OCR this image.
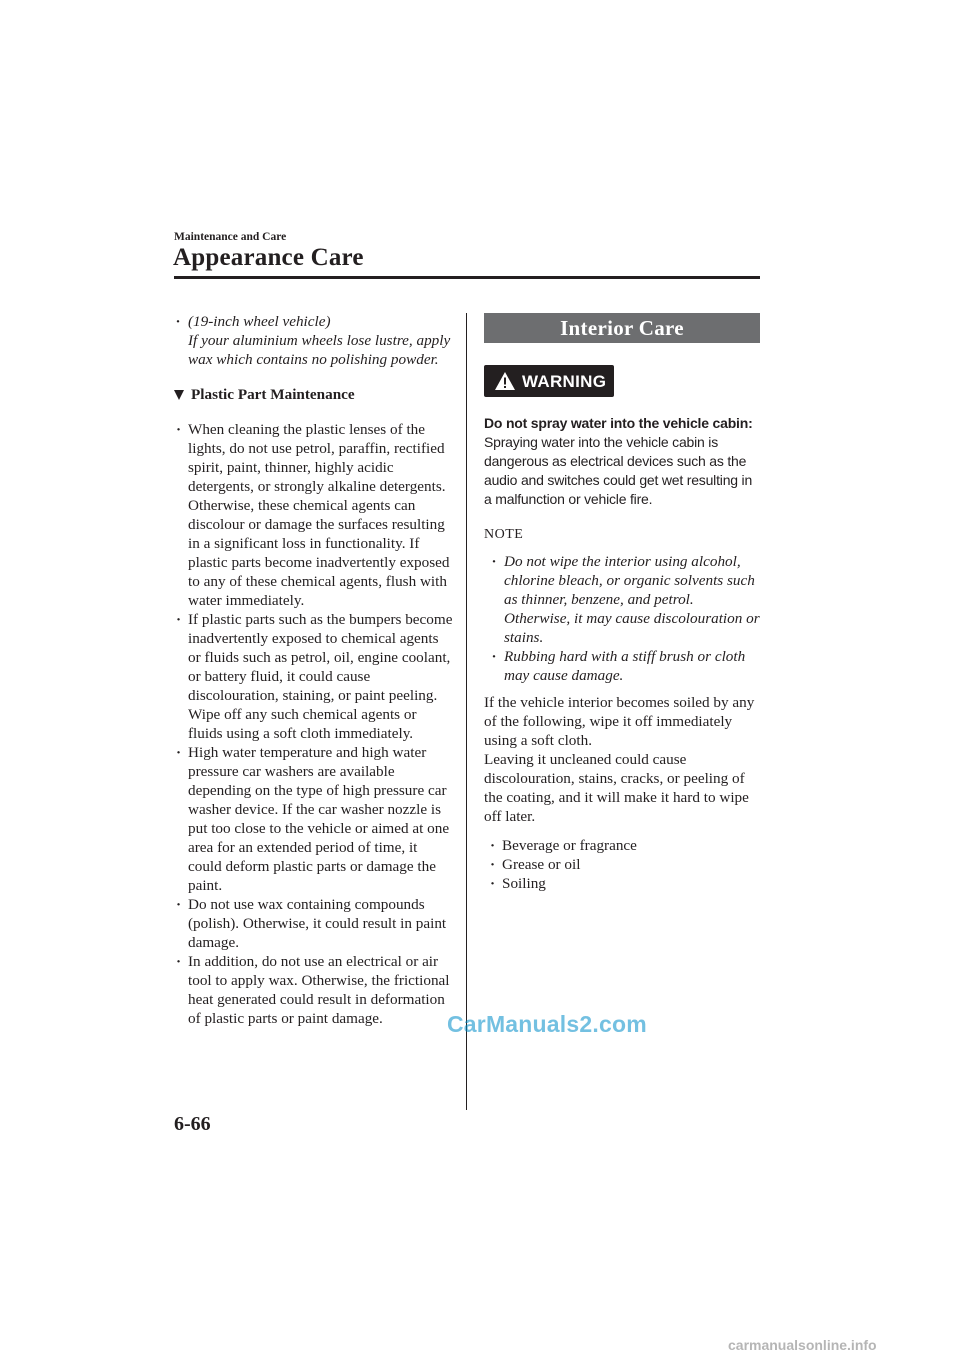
Maintenance and Care
Appearance Care
· (19-inch wheel vehicle)
If your aluminium wheels lose lustre, apply wax which contains no polishing powder.
Plastic Part Maintenance
· When cleaning the plastic lenses of the lights, do not use petrol, paraffin, rectified spirit, paint, thinner, highly acidic detergents, or strongly alkaline detergents. Otherwise, these chemical agents can discolour or damage the surfaces resulting in a significant loss in functionality. If plastic parts become inadvertently exposed to any of these chemical agents, flush with water immediately.
· If plastic parts such as the bumpers become inadvertently exposed to chemical agents or fluids such as petrol, oil, engine coolant, or battery fluid, it could cause discolouration, staining, or paint peeling. Wipe off any such chemical agents or fluids using a soft cloth immediately.
· High water temperature and high water pressure car washers are available depending on the type of high pressure car washer device. If the car washer nozzle is put too close to the vehicle or aimed at one area for an extended period of time, it could deform plastic parts or damage the paint.
· Do not use wax containing compounds (polish). Otherwise, it could result in paint damage.
· In addition, do not use an electrical or air tool to apply wax. Otherwise, the frictional heat generated could result in deformation of plastic parts or paint damage.
Interior Care
WARNING
Do not spray water into the vehicle cabin:
Spraying water into the vehicle cabin is dangerous as electrical devices such as the audio and switches could get wet resulting in a malfunction or vehicle fire.
NOTE
· Do not wipe the interior using alcohol, chlorine bleach, or organic solvents such as thinner, benzene, and petrol. Otherwise, it may cause discolouration or stains.
· Rubbing hard with a stiff brush or cloth may cause damage.
If the vehicle interior becomes soiled by any of the following, wipe it off immediately using a soft cloth.
Leaving it uncleaned could cause discolouration, stains, cracks, or peeling of the coating, and it will make it hard to wipe off later.
· Beverage or fragrance
· Grease or oil
· Soiling
6-66
CarManuals2.com
carmanualsonline.info
